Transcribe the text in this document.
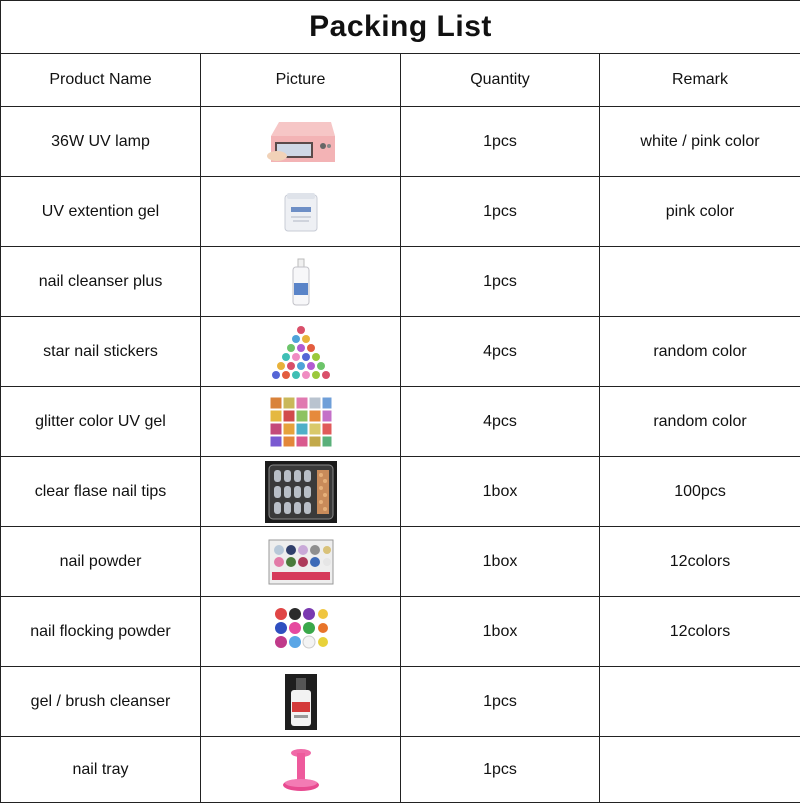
Packing List			
Product Name	Picture	Quantity	Remark
36W UV lamp		1pcs	white / pink color
UV extention gel		1pcs	pink color
nail cleanser plus		1pcs	
star nail stickers		4pcs	random color
glitter color UV gel		4pcs	random color
clear flase nail tips		1box	100pcs
nail powder		1box	12colors
nail flocking powder		1box	12colors
gel / brush cleanser		1pcs	
nail tray		1pcs	
